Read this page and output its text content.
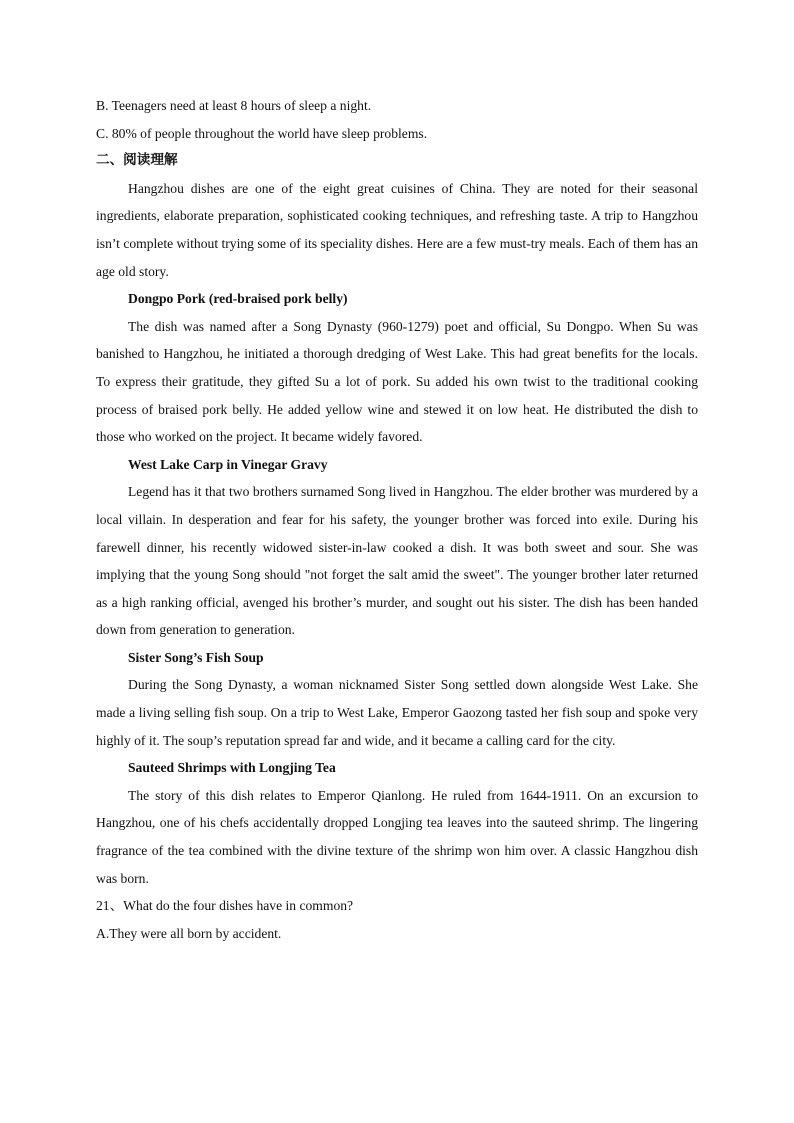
B. Teenagers need at least 8 hours of sleep a night.

C. 80% of people throughout the world have sleep problems.

二、阅读理解

Hangzhou dishes are one of the eight great cuisines of China. They are noted for their seasonal ingredients, elaborate preparation, sophisticated cooking techniques, and refreshing taste. A trip to Hangzhou isn’t complete without trying some of its speciality dishes. Here are a few must-try meals. Each of them has an age old story.

Dongpo Pork (red-braised pork belly)

The dish was named after a Song Dynasty (960-1279) poet and official, Su Dongpo. When Su was banished to Hangzhou, he initiated a thorough dredging of West Lake. This had great benefits for the locals. To express their gratitude, they gifted Su a lot of pork. Su added his own twist to the traditional cooking process of braised pork belly. He added yellow wine and stewed it on low heat. He distributed the dish to those who worked on the project. It became widely favored.

West Lake Carp in Vinegar Gravy

Legend has it that two brothers surnamed Song lived in Hangzhou. The elder brother was murdered by a local villain. In desperation and fear for his safety, the younger brother was forced into exile. During his farewell dinner, his recently widowed sister-in-law cooked a dish. It was both sweet and sour. She was implying that the young Song should "not forget the salt amid the sweet". The younger brother later returned as a high ranking official, avenged his brother’s murder, and sought out his sister. The dish has been handed down from generation to generation.

Sister Song’s Fish Soup

During the Song Dynasty, a woman nicknamed Sister Song settled down alongside West Lake. She made a living selling fish soup. On a trip to West Lake, Emperor Gaozong tasted her fish soup and spoke very highly of it. The soup’s reputation spread far and wide, and it became a calling card for the city.

Sauteed Shrimps with Longjing Tea

The story of this dish relates to Emperor Qianlong. He ruled from 1644-1911. On an excursion to Hangzhou, one of his chefs accidentally dropped Longjing tea leaves into the sauteed shrimp. The lingering fragrance of the tea combined with the divine texture of the shrimp won him over. A classic Hangzhou dish was born.

21、What do the four dishes have in common?

A.They were all born by accident.
